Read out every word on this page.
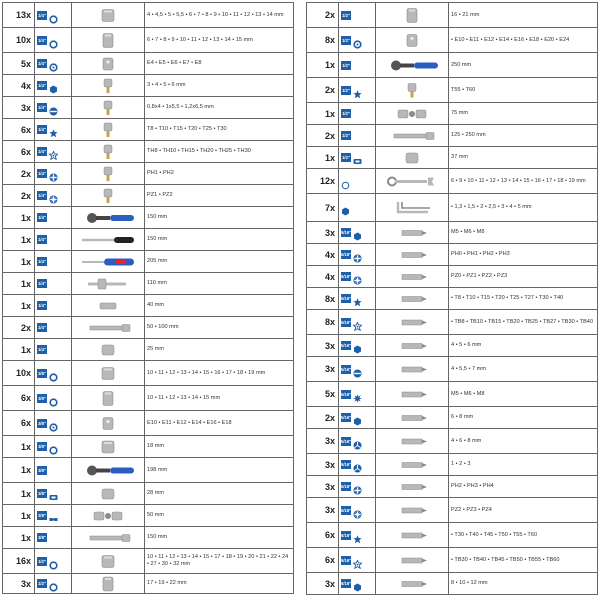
13x	1/4"		4 • 4,5 • 5 • 5,5 • 6 • 7 • 8 • 9 • 10 • 11 • 12 • 13 • 14 mm
10x	1/4"		6 • 7 • 8 • 9 • 10 • 11 • 12 • 13 • 14 • 15 mm
5x	1/4"		E4 • E5 • E6 • E7 • E8
4x	1/4"		3 • 4 • 5 • 6 mm
3x	1/4"		0,8x4 • 1x5,5 • 1,2x6,5 mm
6x	1/4"		T8 • T10 • T15 • T20 • T25 • T30
6x	1/4"		TH8 • TH10 • TH15 • TH20 • TH25 • TH30
2x	1/4"		PH1 • PH2
2x	1/4"		PZ1 • PZ2
1x	1/4"		150 mm
1x	1/4"		150 mm
1x	1/4"		205 mm
1x	1/4"		110 mm
1x	1/4"		40 mm
2x	1/4"		50 • 100 mm
1x	1/4"		25 mm
10x	3/8"		10 • 11 • 12 • 13 • 14 • 15 • 16 • 17 • 18 • 19 mm
6x	3/8"		10 • 11 • 12 • 13 • 14 • 15 mm
6x	3/8"		E10 • E11 • E12 • E14 • E16 • E18
1x	3/8"		18 mm
1x	3/8"		198 mm
1x	3/8"		28 mm
1x	3/8"		50 mm
1x	3/8"		150 mm
16x	1/2"		10 • 11 • 12 • 13 • 14 • 15 • 17 • 18 • 19 • 20 • 21 • 22 • 24 • 27 • 30 • 32 mm
3x	1/2"		17 • 19 • 22 mm
2x	1/2"		16 • 21 mm
8x	1/2"		• E10 • E11 • E12 • E14 • E16 • E18 • E20 • E24
1x	1/2"		250 mm
2x	1/2"		T55 • T60
1x	1/2"		75 mm
2x	1/2"		125 • 250 mm
1x	1/2"		37 mm
12x			6 • 9 • 10 • 11 • 12 • 13 • 14 • 15 • 16 • 17 • 18 • 19 mm
7x			• 1,3 • 1,5 • 2 • 2,5 • 3 • 4 • 5 mm
3x	5/16"		M5 • M6 • M8
4x	5/16"		PH0 • PH1 • PH2 • PH3
4x	5/16"		PZ0 • PZ1 • PZ2 • PZ3
8x	5/16"		• T8 • T10 • T15 • T20 • T25 • T27 • T30 • T40
8x	5/16"		• TB8 • TB10 • TB15 • TB20 • TB25 • TB27 • TB30 • TB40
3x	5/16"		4 • 5 • 6 mm
3x	5/16"		4 • 5,5 • 7 mm
5x	5/16"		M5 • M6 • M8
2x	5/16"		6 • 8 mm
3x	5/16"		4 • 6 • 8 mm
3x	5/16"		1 • 2 • 3
3x	5/16"		PH2 • PH3 • PH4
3x	5/16"		PZ2 • PZ3 • PZ4
6x	5/16"		• T30 • T40 • T45 • T50 • T55 • T60
6x	5/16"		• TB30 • TB40 • TB45 • TB50 • TB55 • TB60
3x	5/16"		8 • 10 • 12 mm
